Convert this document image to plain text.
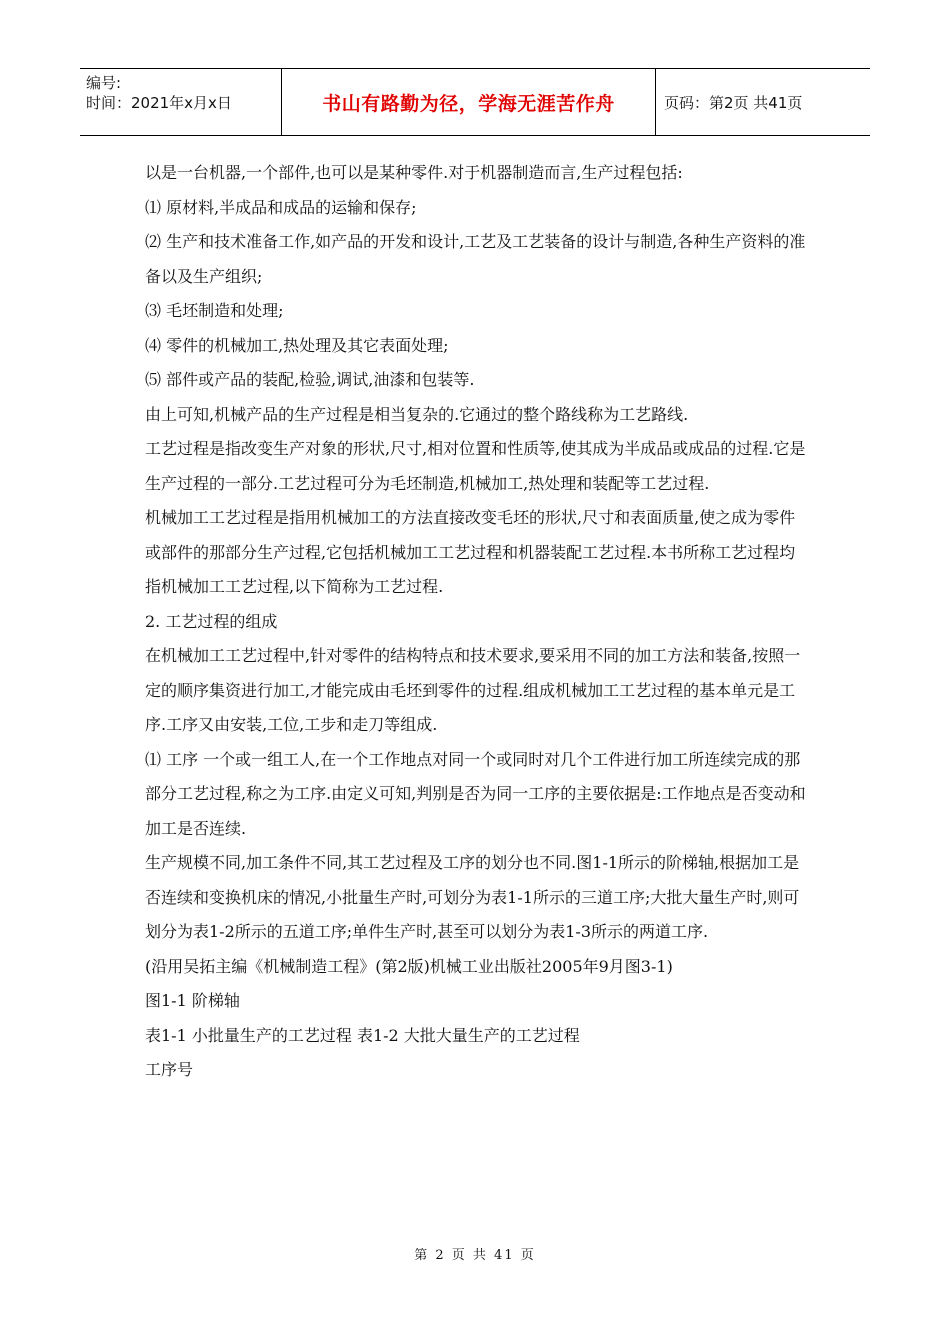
编号:
时间：2021年x月x日	书山有路勤为径，学海无涯苦作舟	页码：第2页 共41页

以是一台机器,一个部件,也可以是某种零件.对于机器制造而言,生产过程包括:

⑴ 原材料,半成品和成品的运输和保存;

⑵ 生产和技术准备工作,如产品的开发和设计,工艺及工艺装备的设计与制造,各种生产资料的准备以及生产组织;

⑶ 毛坯制造和处理;

⑷ 零件的机械加工,热处理及其它表面处理;

⑸ 部件或产品的装配,检验,调试,油漆和包装等.

由上可知,机械产品的生产过程是相当复杂的.它通过的整个路线称为工艺路线.

工艺过程是指改变生产对象的形状,尺寸,相对位置和性质等,使其成为半成品或成品的过程.它是生产过程的一部分.工艺过程可分为毛坯制造,机械加工,热处理和装配等工艺过程.

机械加工工艺过程是指用机械加工的方法直接改变毛坯的形状,尺寸和表面质量,使之成为零件或部件的那部分生产过程,它包括机械加工工艺过程和机器装配工艺过程.本书所称工艺过程均指机械加工工艺过程,以下简称为工艺过程.

2. 工艺过程的组成

在机械加工工艺过程中,针对零件的结构特点和技术要求,要采用不同的加工方法和装备,按照一定的顺序集资进行加工,才能完成由毛坯到零件的过程.组成机械加工工艺过程的基本单元是工序.工序又由安装,工位,工步和走刀等组成.

⑴ 工序 一个或一组工人,在一个工作地点对同一个或同时对几个工件进行加工所连续完成的那部分工艺过程,称之为工序.由定义可知,判别是否为同一工序的主要依据是:工作地点是否变动和加工是否连续.

生产规模不同,加工条件不同,其工艺过程及工序的划分也不同.图1-1所示的阶梯轴,根据加工是否连续和变换机床的情况,小批量生产时,可划分为表1-1所示的三道工序;大批大量生产时,则可划分为表1-2所示的五道工序;单件生产时,甚至可以划分为表1-3所示的两道工序.

(沿用吴拓主编《机械制造工程》(第2版)机械工业出版社2005年9月图3-1)

图1-1 阶梯轴

表1-1 小批量生产的工艺过程 表1-2 大批大量生产的工艺过程

工序号

第 2 页 共 41 页
